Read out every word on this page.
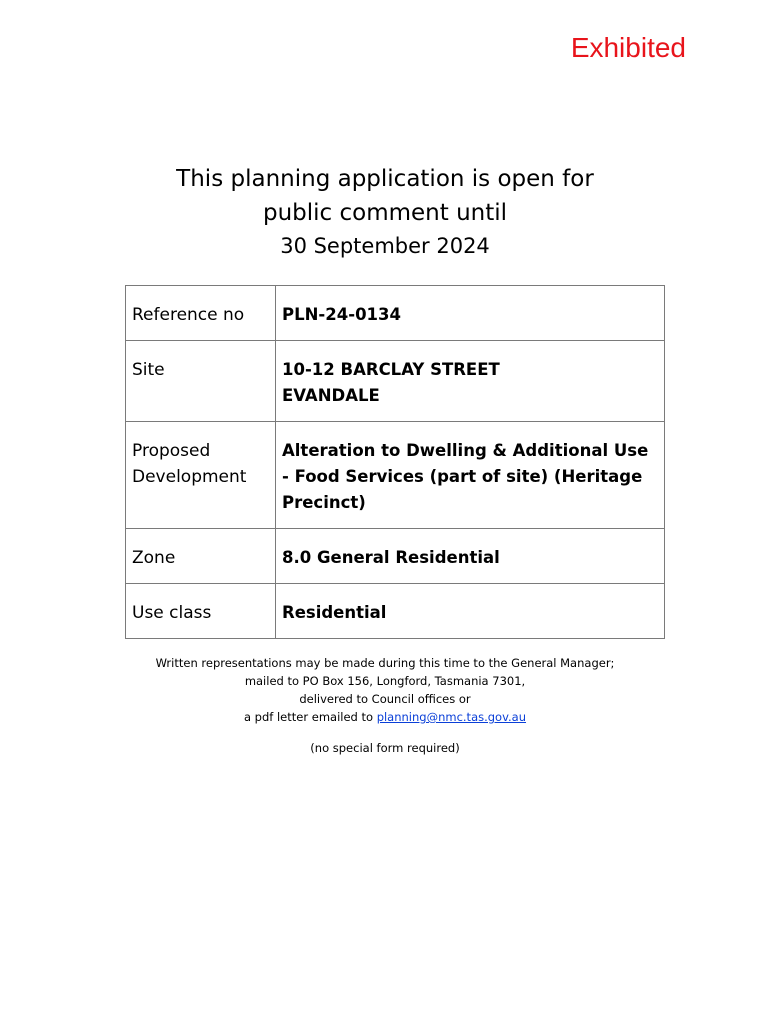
Exhibited
This planning application is open for
public comment until
30 September 2024
Reference no	PLN-24-0134
Site	10-12 BARCLAY STREET
EVANDALE

Proposed
Development	Alteration to Dwelling & Additional Use
- Food Services (part of site) (Heritage
Precinct)

Zone	8.0 General Residential
Use class	Residential
Written representations may be made during this time to the General Manager;
mailed to PO Box 156, Longford, Tasmania 7301,
delivered to Council offices or
a pdf letter emailed to planning@nmc.tas.gov.au
(no special form required)
